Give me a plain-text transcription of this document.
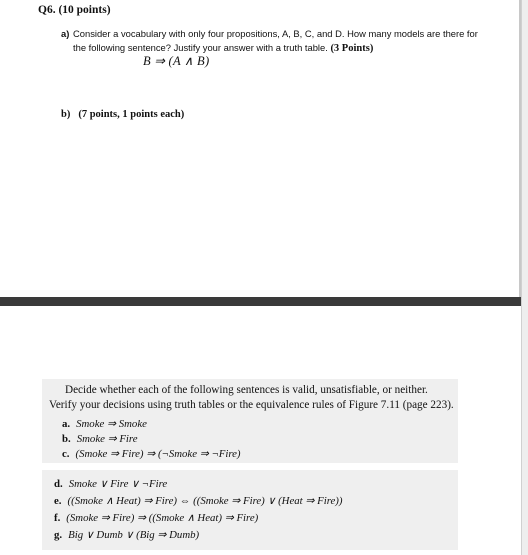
Q6. (10 points)
a) Consider a vocabulary with only four propositions, A, B, C, and D. How many models are there for the following sentence? Justify your answer with a truth table. (3 Points)
B ⇒ (A ∧ B)
b) (7 points, 1 points each)
Decide whether each of the following sentences is valid, unsatisfiable, or neither. Verify your decisions using truth tables or the equivalence rules of Figure 7.11 (page 223).
a. Smoke ⇒ Smoke
b. Smoke ⇒ Fire
c. (Smoke ⇒ Fire) ⇒ (¬Smoke ⇒ ¬Fire)
d. Smoke ∨ Fire ∨ ¬Fire
e. ((Smoke ∧ Heat) ⇒ Fire) ⇔ ((Smoke ⇒ Fire) ∨ (Heat ⇒ Fire))
f. (Smoke ⇒ Fire) ⇒ ((Smoke ∧ Heat) ⇒ Fire)
g. Big ∨ Dumb ∨ (Big ⇒ Dumb)
